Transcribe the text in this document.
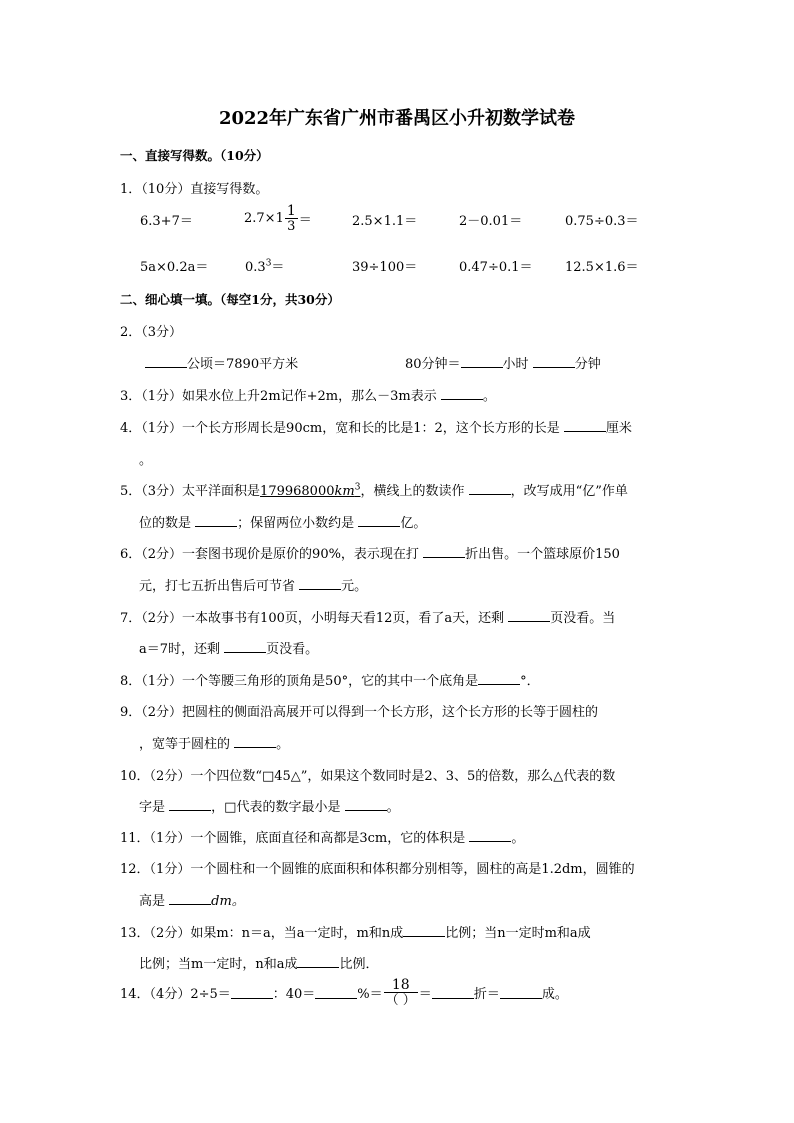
2022年广东省广州市番禺区小升初数学试卷
一、直接写得数。（10分）
1．（10分）直接写得数。
6.3+7＝	$2.7\times 1 \frac{1}{3}$ ＝	2.5×1.1＝	2－0.01＝	0.75÷0.3＝
5a×0.2a＝	$0.3^3=$	39÷100＝	0.47÷0.1＝ 12.5×1.6＝
二、细心填一填。（每空1分，共30分）
2．（3分）
公顷＝7890平方米	80分钟＝	小时	分钟
3．（1分）如果水位上升2m记作+2m，那么－3m表示	。
4．（1分）一个长方形周长是90cm，宽和长的比是1：2，这个长方形的长是	厘米
。
5．（3分）太平洋面积是$179968000km^3$，横线上的数读作	，改写成用“亿”作单
位的数是	；保留两位小数约是	亿。
6．（2分）一套图书现价是原价的90%，表示现在打	折出售。一个篮球原价150
元，打七五折出售后可节省	元。
7．（2分）一本故事书有100页，小明每天看12页，看了a天，还剩	页没看。当
a＝7时，还剩	页没看。
8．（1分）一个等腰三角形的顶角是50°，它的其中一个底角是	°．
9．（2分）把圆柱的侧面沿高展开可以得到一个长方形，这个长方形的长等于圆柱的
，宽等于圆柱的	。
10．（2分）一个四位数“□45△”，如果这个数同时是2、3、5的倍数，那么△代表的数
字是	，□代表的数字最小是	。
11．（1分）一个圆锥，底面直径和高都是3cm，它的体积是	。
12．（1分）一个圆柱和一个圆锥的底面积和体积都分别相等，圆柱的高是1.2dm，圆锥的
高是	dm。
13．（2分）如果m：n＝a，当a一定时，m和n成	比例；当n一定时m和a成
比例；当m一定时，n和a成	比例．
14．（4分）2÷5＝	：40＝	%＝ $\frac{18}{( )}$ ＝	折＝	成。
